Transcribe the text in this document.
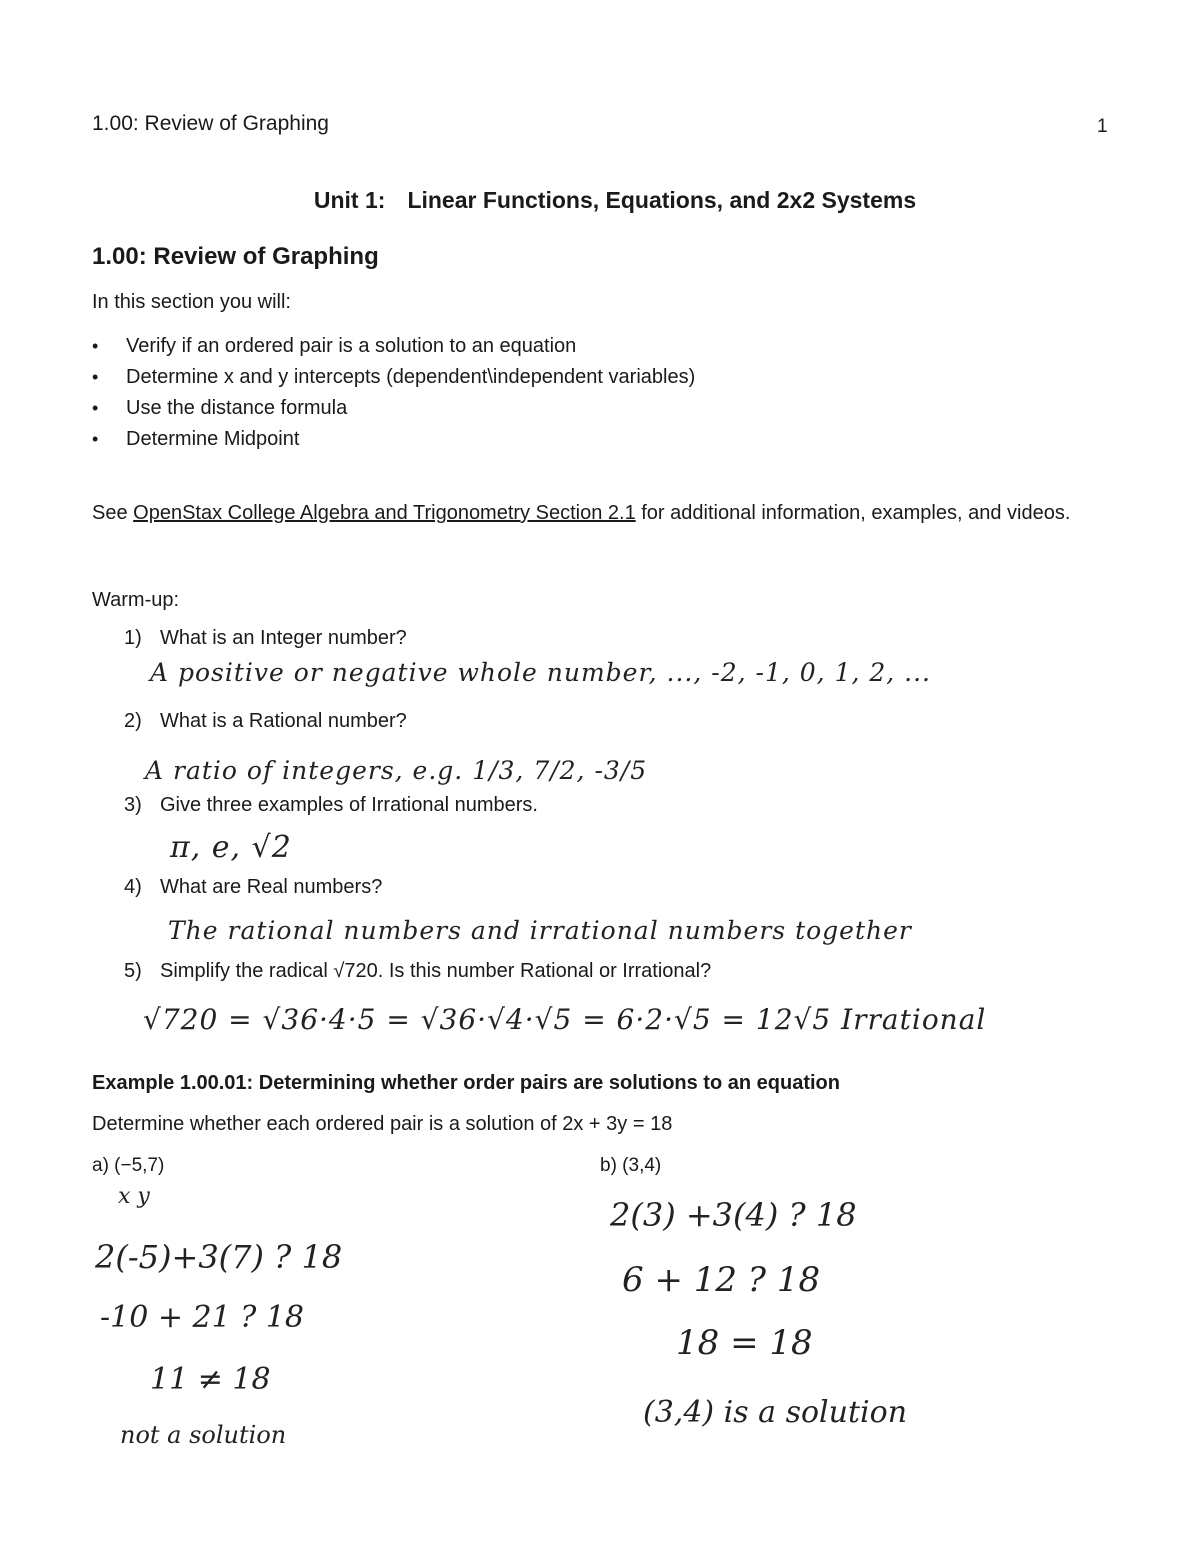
1.00: Review of Graphing	1
Unit 1: Linear Functions, Equations, and 2x2 Systems
1.00: Review of Graphing
In this section you will:
• Verify if an ordered pair is a solution to an equation
• Determine x and y intercepts (dependent\independent variables)
• Use the distance formula
• Determine Midpoint
See OpenStax College Algebra and Trigonometry Section 2.1 for additional information, examples, and videos.
Warm-up:
1) What is an Integer number?
A positive or negative whole number, ..., -2, -1, 0, 1, 2, ...
2) What is a Rational number?
A ratio of integers, e.g. 1/3, 7/2, -3/5
3) Give three examples of Irrational numbers.
π, e, √2
4) What are Real numbers?
The rational numbers and irrational numbers together
5) Simplify the radical √720. Is this number Rational or Irrational?
√720 = √36·4·5 = √36·√4·√5 = 6·2·√5 = 12√5 Irrational
Example 1.00.01: Determining whether order pairs are solutions to an equation
Determine whether each ordered pair is a solution of 2x + 3y = 18
a) (−5,7)	b) (3,4)
x y
2(-5)+3(7) ? 18
-10 + 21 ? 18
11 ≠ 18
not a solution
2(3) +3(4) ? 18
6 + 12 ? 18
18 = 18
(3,4) is a solution
